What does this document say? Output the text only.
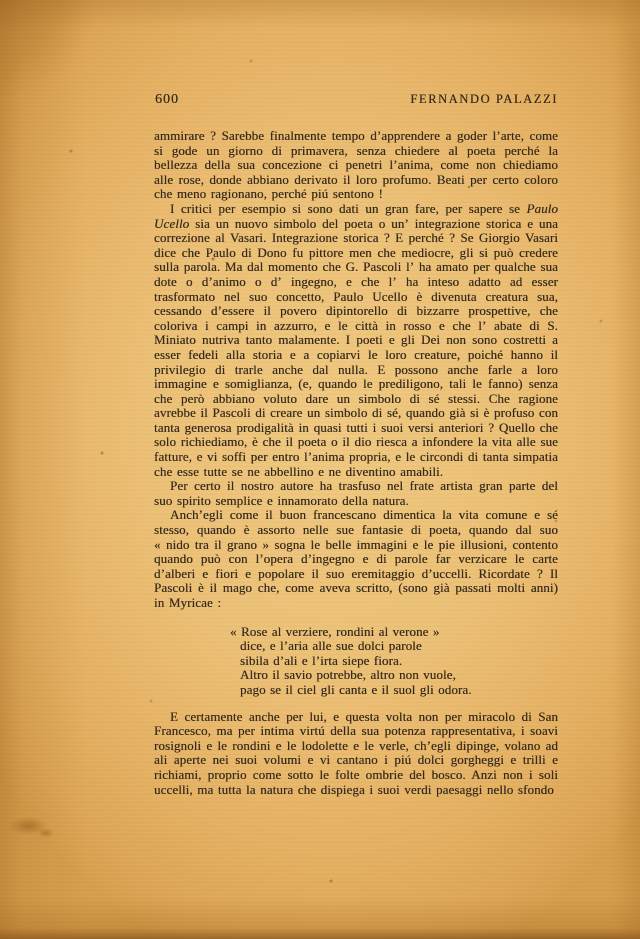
600	FERNANDO PALAZZI

ammirare ? Sarebbe finalmente tempo d’apprendere a goder l’arte, come si gode un giorno di primavera, senza chiedere al poeta perché la bellezza della sua concezione ci penetri l’anima, come non chiediamo alle rose, donde abbiano derivato il loro profumo. Beati per certo coloro che meno ragionano, perché piú sentono !

I critici per esempio si sono dati un gran fare, per sapere se Paulo Ucello sia un nuovo simbolo del poeta o un’ integrazione storica e una correzione al Vasari. Integrazione storica ? E perché ? Se Giorgio Vasari dice che Paulo di Dono fu pittore men che mediocre, gli si può credere sulla parola. Ma dal momento che G. Pascoli l’ ha amato per qualche sua dote o d’animo o d’ ingegno, e che l’ ha inteso adatto ad esser trasformato nel suo concetto, Paulo Ucello è divenuta creatura sua, cessando d’essere il povero dipintorello di bizzarre prospettive, che coloriva i campi in azzurro, e le città in rosso e che l’ abate di S. Miniato nutriva tanto malamente. I poeti e gli Dei non sono costretti a esser fedeli alla storia e a copiarvi le loro creature, poiché hanno il privilegio di trarle anche dal nulla. E possono anche farle a loro immagine e somiglianza, (e, quando le prediligono, tali le fanno) senza che però abbiano voluto dare un simbolo di sé stessi. Che ragione avrebbe il Pascoli di creare un simbolo di sé, quando già si è profuso con tanta generosa prodigalità in quasi tutti i suoi versi anteriori ? Quello che solo richiediamo, è che il poeta o il dio riesca a infondere la vita alle sue fatture, e vi soffi per entro l’anima propria, e le circondi di tanta simpatia che esse tutte se ne abbellino e ne diventino amabili.

Per certo il nostro autore ha trasfuso nel frate artista gran parte del suo spirito semplice e innamorato della natura.

Anch’egli come il buon francescano dimentica la vita comune e sé stesso, quando è assorto nelle sue fantasie di poeta, quando dal suo « nido tra il grano » sogna le belle immagini e le pie illusioni, contento quando può con l’opera d’ingegno e di parole far verzicare le carte d’alberi e fiori e popolare il suo eremitaggio d’uccelli. Ricordate ? Il Pascoli è il mago che, come aveva scritto, (sono già passati molti anni) in Myricae :

« Rose al verziere, rondini al verone »
dice, e l’aria alle sue dolci parole
sibila d’ali e l’irta siepe fiora.
Altro il savio potrebbe, altro non vuole,
pago se il ciel gli canta e il suol gli odora.

E certamente anche per lui, e questa volta non per miracolo di San Francesco, ma per intima virtú della sua potenza rappresentativa, i soavi rosignoli e le rondini e le lodolette e le verle, ch’egli dipinge, volano ad ali aperte nei suoi volumi e vi cantano i piú dolci gorgheggi e trilli e richiami, proprio come sotto le folte ombrie del bosco. Anzi non i soli uccelli, ma tutta la natura che dispiega i suoi verdi paesaggi nello sfondo
